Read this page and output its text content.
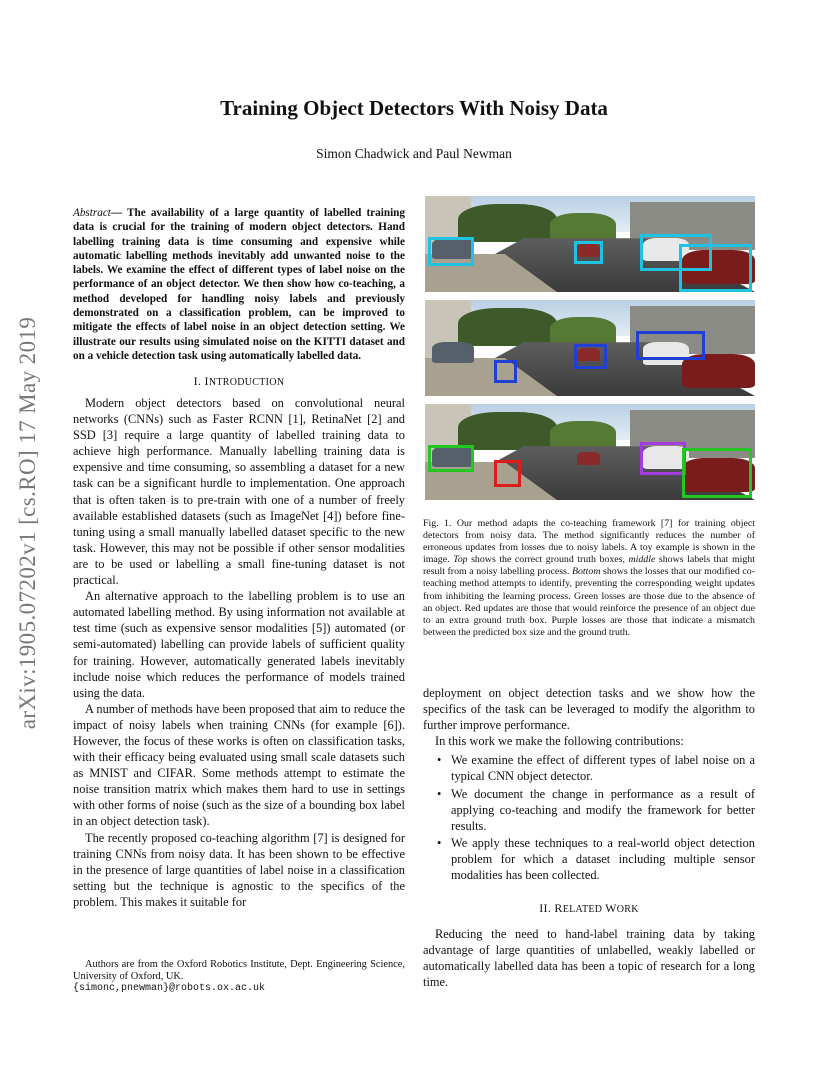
arXiv:1905.07202v1 [cs.RO] 17 May 2019
Training Object Detectors With Noisy Data
Simon Chadwick and Paul Newman
Abstract— The availability of a large quantity of labelled training data is crucial for the training of modern object detectors. Hand labelling training data is time consuming and expensive while automatic labelling methods inevitably add unwanted noise to the labels. We examine the effect of different types of label noise on the performance of an object detector. We then show how co-teaching, a method developed for handling noisy labels and previously demonstrated on a classification problem, can be improved to mitigate the effects of label noise in an object detection setting. We illustrate our results using simulated noise on the KITTI dataset and on a vehicle detection task using automatically labelled data.

I. INTRODUCTION

Modern object detectors based on convolutional neural networks (CNNs) such as Faster RCNN [1], RetinaNet [2] and SSD [3] require a large quantity of labelled training data to achieve high performance. Manually labelling training data is expensive and time consuming, so assembling a dataset for a new task can be a significant hurdle to implementation. One approach that is often taken is to pre-train with one of a number of freely available established datasets (such as ImageNet [4]) before fine-tuning using a small manually labelled dataset specific to the new task. However, this may not be possible if other sensor modalities are to be used or labelling a small fine-tuning dataset is not practical.

An alternative approach to the labelling problem is to use an automated labelling method. By using information not available at test time (such as expensive sensor modalities [5]) automated (or semi-automated) labelling can provide labels of sufficient quality for training. However, automatically generated labels inevitably include noise which reduces the performance of models trained using the data.

A number of methods have been proposed that aim to reduce the impact of noisy labels when training CNNs (for example [6]). However, the focus of these works is often on classification tasks, with their efficacy being evaluated using small scale datasets such as MNIST and CIFAR. Some methods attempt to estimate the noise transition matrix which makes them hard to use in settings with other forms of noise (such as the size of a bounding box label in an object detection task).

The recently proposed co-teaching algorithm [7] is designed for training CNNs from noisy data. It has been shown to be effective in the presence of large quantities of label noise in a classification setting but the technique is agnostic to the specifics of the problem. This makes it suitable for

Authors are from the Oxford Robotics Institute, Dept. Engineering Science, University of Oxford, UK.
{simonc,pnewman}@robots.ox.ac.uk
Fig. 1. Our method adapts the co-teaching framework [7] for training object detectors from noisy data. The method significantly reduces the number of erroneous updates from losses due to noisy labels. A toy example is shown in the image. Top shows the correct ground truth boxes, middle shows labels that might result from a noisy labelling process. Bottom shows the losses that our modified co-teaching method attempts to identify, preventing the corresponding weight updates from inhibiting the learning process. Green losses are those due to the absence of an object. Red updates are those that would reinforce the presence of an object due to an extra ground truth box. Purple losses are those that indicate a mismatch between the predicted box size and the ground truth.

deployment on object detection tasks and we show how the specifics of the task can be leveraged to modify the algorithm to further improve performance.

In this work we make the following contributions:

• We examine the effect of different types of label noise on a typical CNN object detector.
• We document the change in performance as a result of applying co-teaching and modify the framework for better results.
• We apply these techniques to a real-world object detection problem for which a dataset including multiple sensor modalities has been collected.

II. RELATED WORK

Reducing the need to hand-label training data by taking advantage of large quantities of unlabelled, weakly labelled or automatically labelled data has been a topic of research for a long time.
